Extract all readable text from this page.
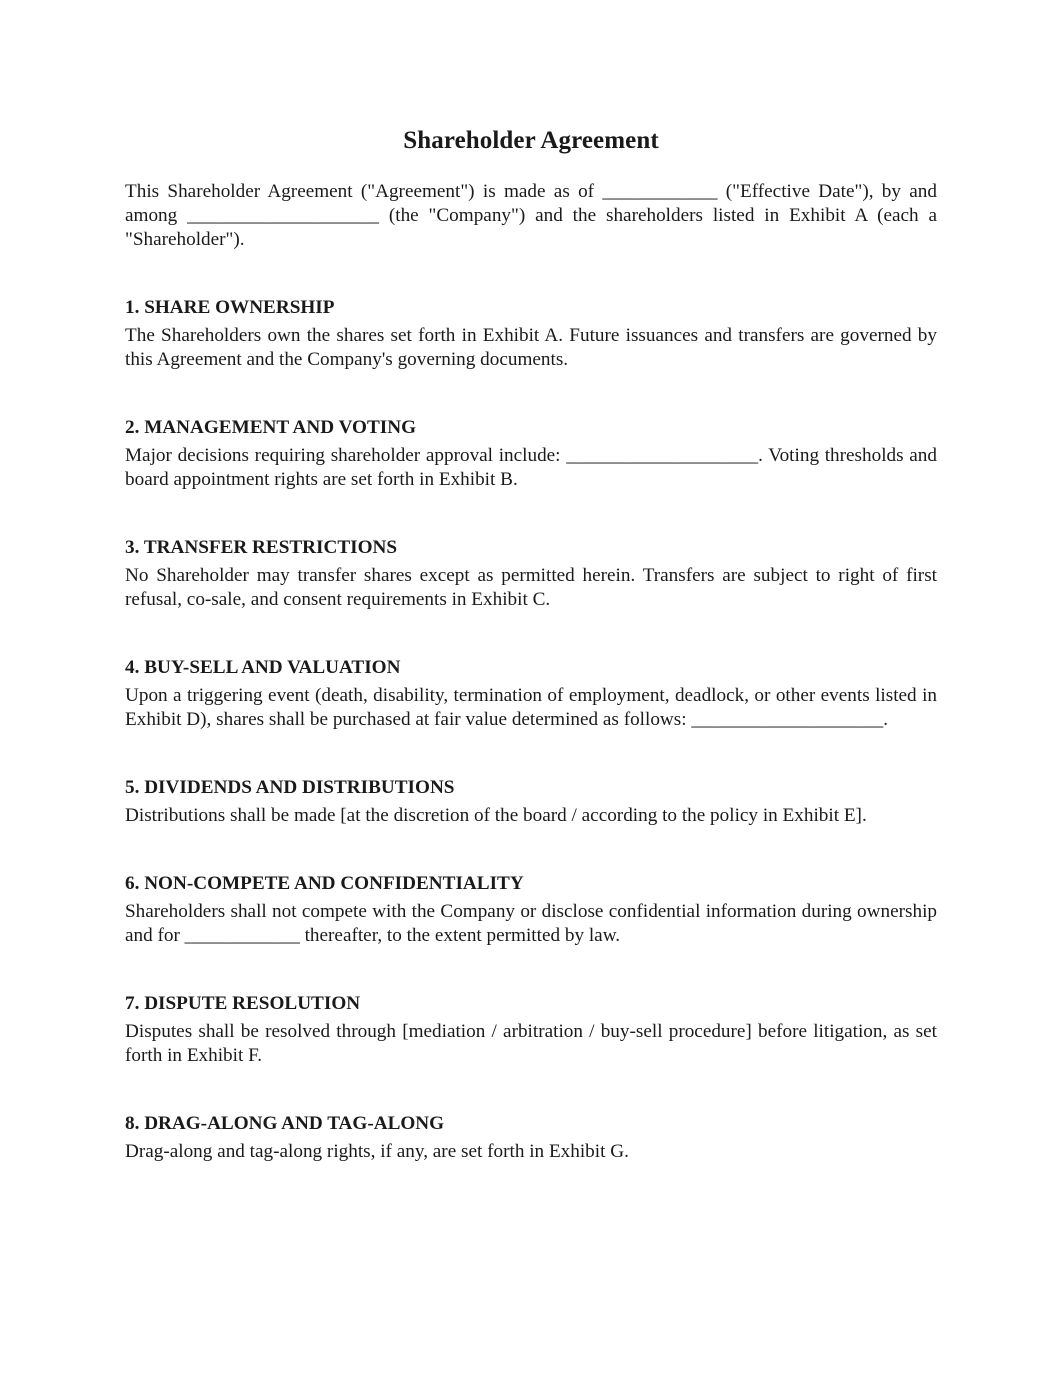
Shareholder Agreement

This Shareholder Agreement ("Agreement") is made as of ____________ ("Effective Date"), by and among ____________________ (the "Company") and the shareholders listed in Exhibit A (each a "Shareholder").

1. SHARE OWNERSHIP

The Shareholders own the shares set forth in Exhibit A. Future issuances and transfers are governed by this Agreement and the Company's governing documents.

2. MANAGEMENT AND VOTING

Major decisions requiring shareholder approval include: ____________________. Voting thresholds and board appointment rights are set forth in Exhibit B.

3. TRANSFER RESTRICTIONS

No Shareholder may transfer shares except as permitted herein. Transfers are subject to right of first refusal, co-sale, and consent requirements in Exhibit C.

4. BUY-SELL AND VALUATION

Upon a triggering event (death, disability, termination of employment, deadlock, or other events listed in Exhibit D), shares shall be purchased at fair value determined as follows: ____________________.

5. DIVIDENDS AND DISTRIBUTIONS

Distributions shall be made [at the discretion of the board / according to the policy in Exhibit E].

6. NON-COMPETE AND CONFIDENTIALITY

Shareholders shall not compete with the Company or disclose confidential information during ownership and for ____________ thereafter, to the extent permitted by law.

7. DISPUTE RESOLUTION

Disputes shall be resolved through [mediation / arbitration / buy-sell procedure] before litigation, as set forth in Exhibit F.

8. DRAG-ALONG AND TAG-ALONG

Drag-along and tag-along rights, if any, are set forth in Exhibit G.
